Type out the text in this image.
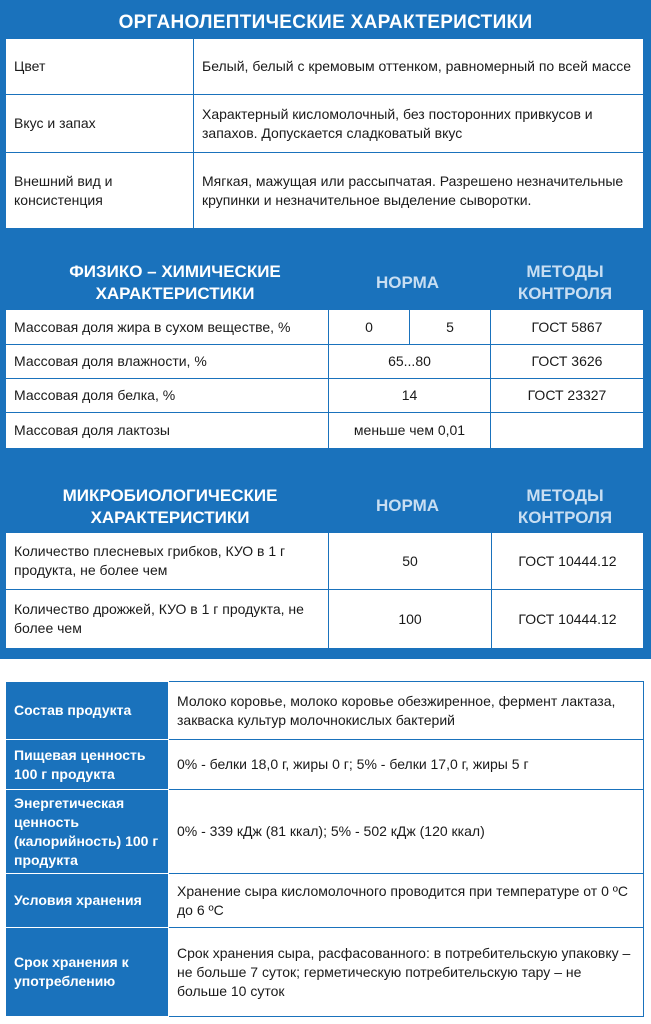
ОРГАНОЛЕПТИЧЕСКИЕ ХАРАКТЕРИСТИКИ
Цвет	Белый, белый с кремовым оттенком, равномерный по всей массе
Вкус и запах	Характерный кисломолочный, без посторонних привкусов и запахов. Допускается сладковатый вкус
Внешний вид и консистенция	Мягкая, мажущая или рассыпчатая. Разрешено незначительные крупинки и незначительное выделение сыворотки.
ФИЗИКО – ХИМИЧЕСКИЕ ХАРАКТЕРИСТИКИ
НОРМА
МЕТОДЫ КОНТРОЛЯ
Массовая доля жира в сухом веществе, %	0	5	ГОСТ 5867
Массовая доля влажности, %	65...80		ГОСТ 3626
Массовая доля белка, %	14		ГОСТ 23327
Массовая доля лактозы	меньше чем 0,01		
МИКРОБИОЛОГИЧЕСКИЕ ХАРАКТЕРИСТИКИ
НОРМА
МЕТОДЫ КОНТРОЛЯ
Количество плесневых грибков, КУО в 1 г продукта, не более чем	50	ГОСТ 10444.12
Количество дрожжей, КУО в 1 г продукта, не более чем	100	ГОСТ 10444.12
Состав продукта	Молоко коровье, молоко коровье обезжиренное, фермент лактаза, закваска культур молочнокислых бактерий
Пищевая ценность 100 г продукта	0% - белки 18,0 г, жиры 0 г; 5% - белки 17,0 г, жиры 5 г
Энергетическая ценность (калорийность) 100 г продукта	0% - 339 кДж (81 ккал); 5% - 502 кДж (120 ккал)
Условия хранения	Хранение сыра кисломолочного проводится при температуре от 0 ºС до 6 ºС
Срок хранения к употреблению	Срок хранения сыра, расфасованного: в потребительскую упаковку – не больше 7 суток; герметическую потребительскую тару – не больше 10 суток
